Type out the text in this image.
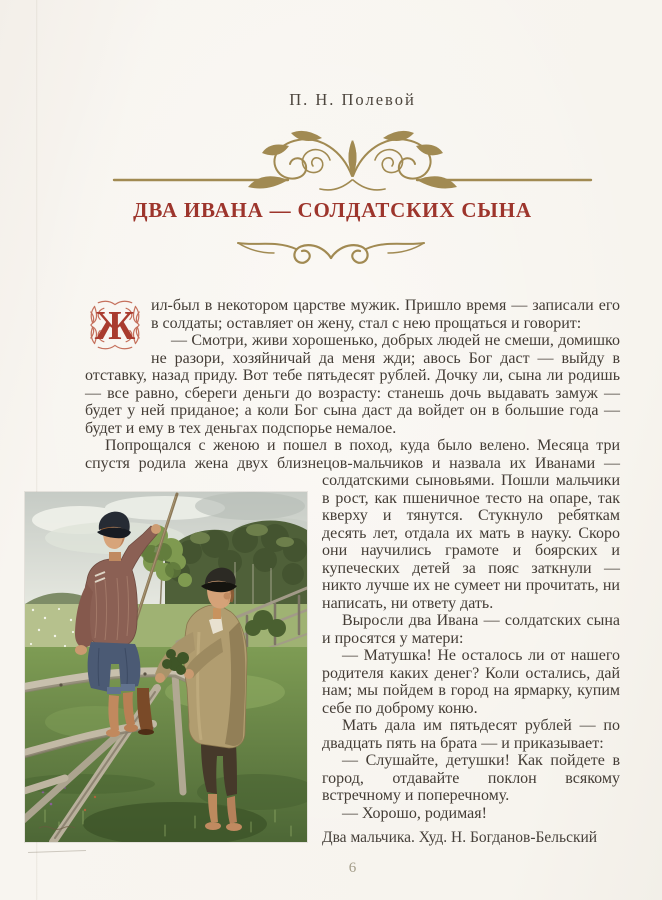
П. Н. Полевой
ДВА ИВАНА — СОЛДАТСКИХ СЫНА

Ж ил-был в некотором царстве мужик. Пришло время — записали его в солдаты; оставляет он жену, стал с нею прощаться и говорит:

— Смотри, живи хорошенько, добрых людей не смеши, домишко не разори, хозяйничай да меня жди; авось Бог даст — выйду в отставку, назад приду. Вот тебе пятьдесят рублей. Дочку ли, сына ли родишь — все равно, сбереги деньги до возрасту: станешь дочь выдавать замуж — будет у ней приданое; а коли Бог сына даст да войдет он в большие года — будет и ему в тех деньгах подспорье немалое.

Попрощался с женою и пошел в поход, куда было велено. Месяца три спустя родила жена двух близнецов-мальчиков и назвала их Иванами —

солдатскими сыновьями. Пошли мальчики в рост, как пшеничное тесто на опаре, так кверху и тянутся. Стукнуло ребяткам десять лет, отдала их мать в науку. Скоро они научились грамоте и боярских и купеческих детей за пояс заткнули — никто лучше их не сумеет ни прочитать, ни написать, ни ответу дать.

Выросли два Ивана — солдатских сына и просятся у матери:

— Матушка! Не осталось ли от нашего родителя каких денег? Коли остались, дай нам; мы пойдем в город на ярмарку, купим себе по доброму коню.

Мать дала им пятьдесят рублей — по двадцать пять на брата — и приказывает:

— Слушайте, детушки! Как пойдете в город, отдавайте поклон всякому встречному и поперечному.

— Хорошо, родимая!

Два мальчика. Худ. Н. Богданов-Бельский
6
